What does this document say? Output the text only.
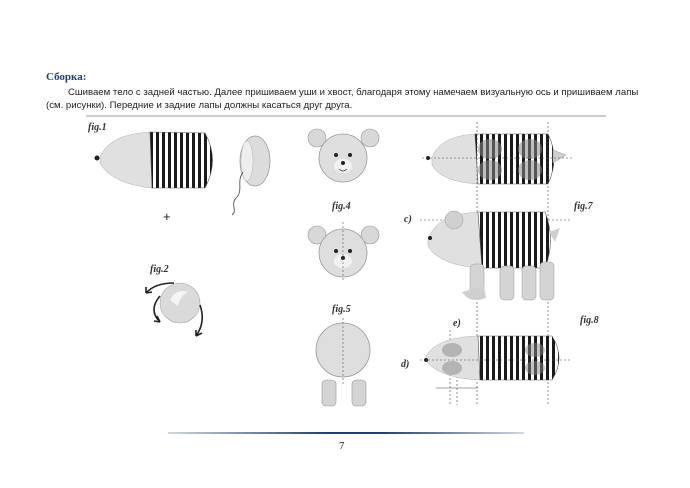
Сборка:
Сшиваем тело с задней частью. Далее пришиваем уши и хвост, благодаря этому намечаем визуальную ось и пришиваем лапы (см. рисунки). Передние и задние лапы должны касаться друг друга.
fig.1
+
fig.2
fig.4
fig.5
fig.7
c)
fig.8
e)
d)
7
